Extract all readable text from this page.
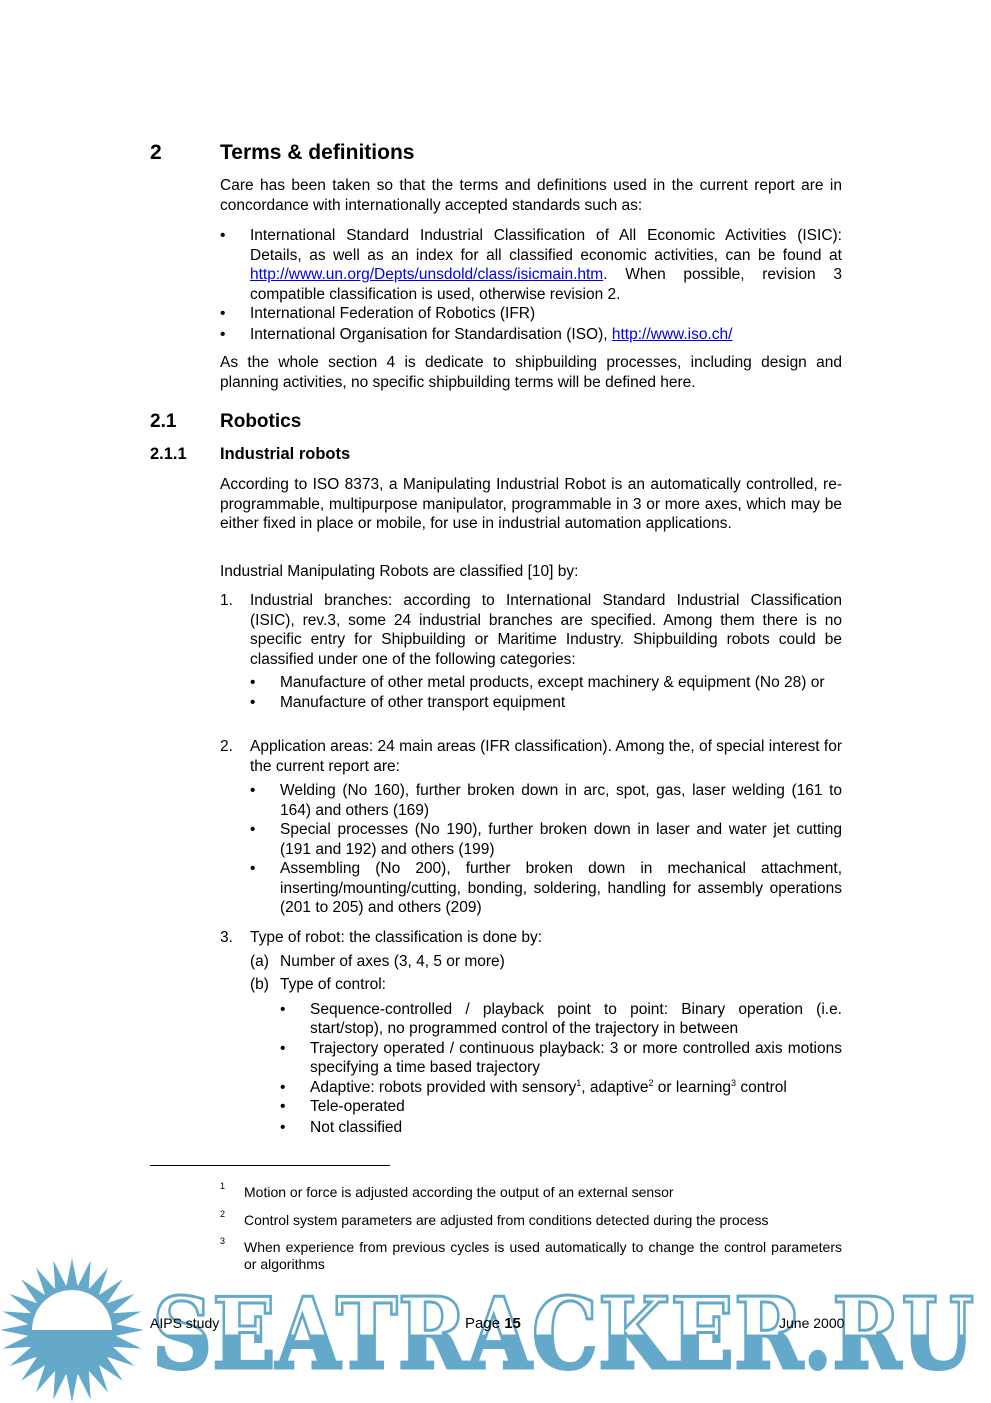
2	Terms & definitions
Care has been taken so that the terms and definitions used in the current report are in concordance with internationally accepted standards such as:
• International Standard Industrial Classification of All Economic Activities (ISIC): Details, as well as an index for all classified economic activities, can be found at http://www.un.org/Depts/unsdold/class/isicmain.htm. When possible, revision 3 compatible classification is used, otherwise revision 2.
• International Federation of Robotics (IFR)
• International Organisation for Standardisation (ISO), http://www.iso.ch/
As the whole section 4 is dedicate to shipbuilding processes, including design and planning activities, no specific shipbuilding terms will be defined here.
2.1 Robotics
2.1.1 Industrial robots
According to ISO 8373, a Manipulating Industrial Robot is an automatically controlled, re-programmable, multipurpose manipulator, programmable in 3 or more axes, which may be either fixed in place or mobile, for use in industrial automation applications.
Industrial Manipulating Robots are classified [10] by:
1. Industrial branches: according to International Standard Industrial Classification (ISIC), rev.3, some 24 industrial branches are specified. Among them there is no specific entry for Shipbuilding or Maritime Industry. Shipbuilding robots could be classified under one of the following categories:
• Manufacture of other metal products, except machinery & equipment (No 28) or
• Manufacture of other transport equipment
2. Application areas: 24 main areas (IFR classification). Among the, of special interest for the current report are:
• Welding (No 160), further broken down in arc, spot, gas, laser welding (161 to 164) and others (169)
• Special processes (No 190), further broken down in laser and water jet cutting (191 and 192) and others (199)
• Assembling (No 200), further broken down in mechanical attachment, inserting/mounting/cutting, bonding, soldering, handling for assembly operations (201 to 205) and others (209)
3. Type of robot: the classification is done by:
(a) Number of axes (3, 4, 5 or more)
(b) Type of control:
• Sequence-controlled / playback point to point: Binary operation (i.e. start/stop), no programmed control of the trajectory in between
• Trajectory operated / continuous playback: 3 or more controlled axis motions specifying a time based trajectory
• Adaptive: robots provided with sensory$^1$, adaptive$^2$ or learning$^3$ control
• Tele-operated
• Not classified
1 Motion or force is adjusted according the output of an external sensor
2 Control system parameters are adjusted from conditions detected during the process
3 When experience from previous cycles is used automatically to change the control parameters or algorithms
SEATRACKER.RU
AIPS study	Page 15	June 2000
